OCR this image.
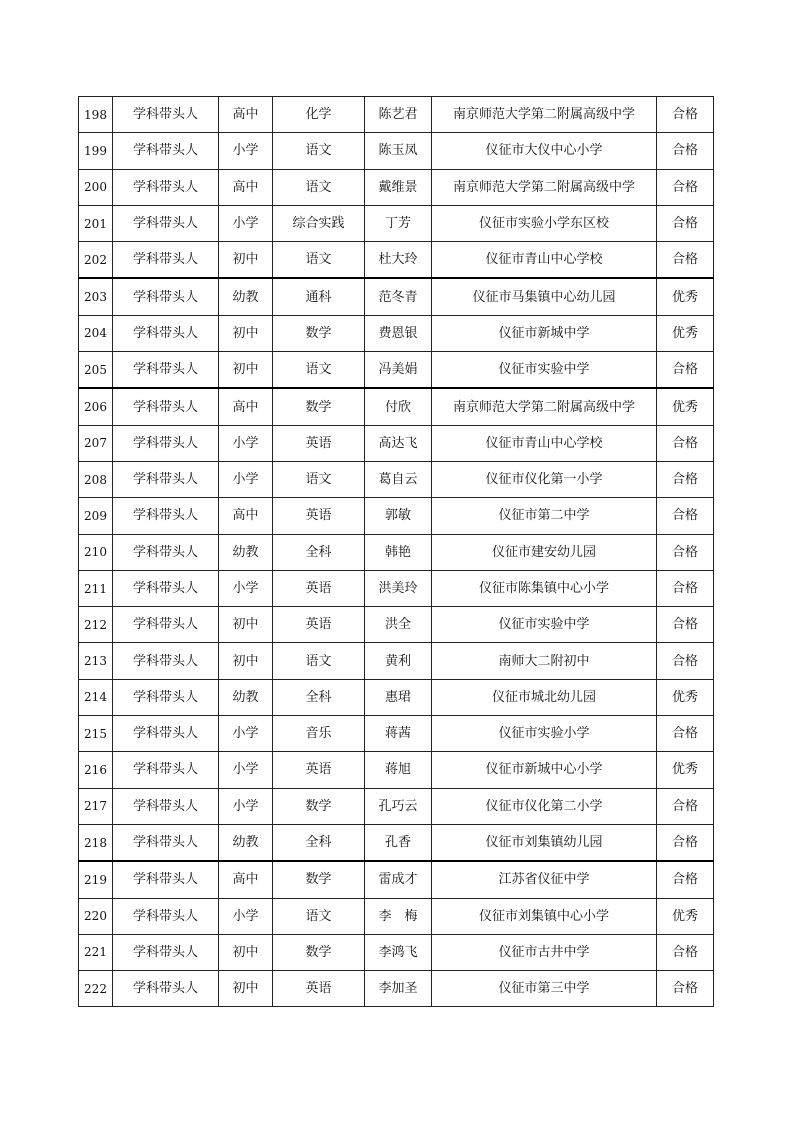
198	学科带头人	高中	化学	陈艺君	南京师范大学第二附属高级中学	合格
199	学科带头人	小学	语文	陈玉凤	仪征市大仪中心小学	合格
200	学科带头人	高中	语文	戴维景	南京师范大学第二附属高级中学	合格
201	学科带头人	小学	综合实践	丁芳	仪征市实验小学东区校	合格
202	学科带头人	初中	语文	杜大玲	仪征市青山中心学校	合格
203	学科带头人	幼教	通科	范冬青	仪征市马集镇中心幼儿园	优秀
204	学科带头人	初中	数学	费恩银	仪征市新城中学	优秀
205	学科带头人	初中	语文	冯美娟	仪征市实验中学	合格
206	学科带头人	高中	数学	付欣	南京师范大学第二附属高级中学	优秀
207	学科带头人	小学	英语	高达飞	仪征市青山中心学校	合格
208	学科带头人	小学	语文	葛自云	仪征市仪化第一小学	合格
209	学科带头人	高中	英语	郭敏	仪征市第二中学	合格
210	学科带头人	幼教	全科	韩艳	仪征市建安幼儿园	合格
211	学科带头人	小学	英语	洪美玲	仪征市陈集镇中心小学	合格
212	学科带头人	初中	英语	洪全	仪征市实验中学	合格
213	学科带头人	初中	语文	黄利	南师大二附初中	合格
214	学科带头人	幼教	全科	惠珺	仪征市城北幼儿园	优秀
215	学科带头人	小学	音乐	蒋茜	仪征市实验小学	合格
216	学科带头人	小学	英语	蒋旭	仪征市新城中心小学	优秀
217	学科带头人	小学	数学	孔巧云	仪征市仪化第二小学	合格
218	学科带头人	幼教	全科	孔香	仪征市刘集镇幼儿园	合格
219	学科带头人	高中	数学	雷成才	江苏省仪征中学	合格
220	学科带头人	小学	语文	李　梅	仪征市刘集镇中心小学	优秀
221	学科带头人	初中	数学	李鸿飞	仪征市古井中学	合格
222	学科带头人	初中	英语	李加圣	仪征市第三中学	合格
